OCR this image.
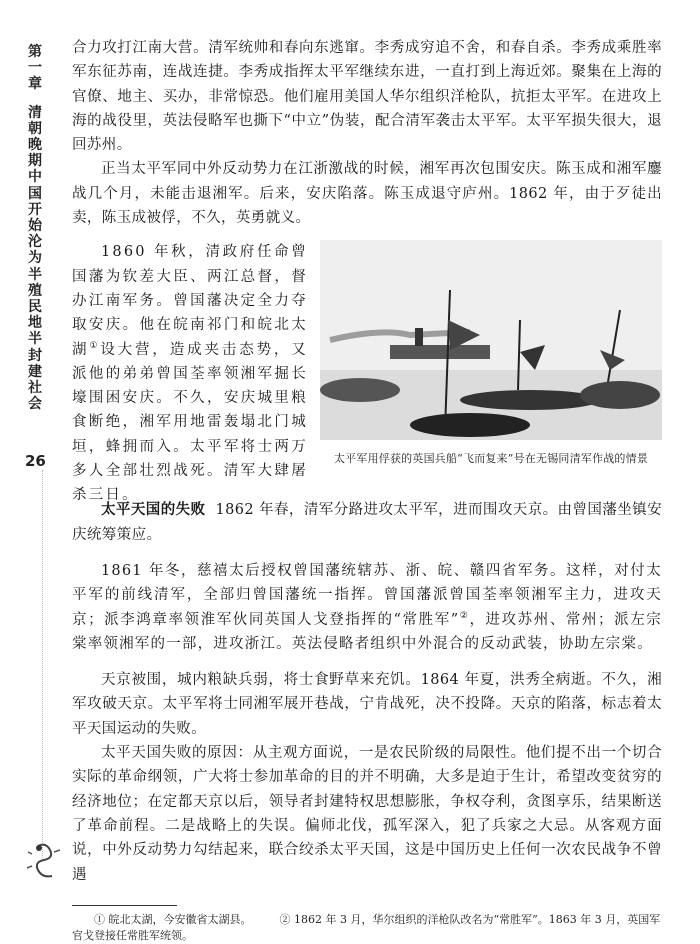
第
一
章
清
朝
晚
期
中
国
开
始
沦
为
半
殖
民
地
半
封
建
社
会
26

合力攻打江南大营。清军统帅和春向东逃窜。李秀成穷追不舍，和春自杀。李秀成乘胜率军东征苏南，连战连捷。李秀成指挥太平军继续东进，一直打到上海近郊。聚集在上海的官僚、地主、买办，非常惊恐。他们雇用美国人华尔组织洋枪队，抗拒太平军。在进攻上海的战役里，英法侵略军也撕下“中立”伪装，配合清军袭击太平军。太平军损失很大，退回苏州。

正当太平军同中外反动势力在江浙激战的时候，湘军再次包围安庆。陈玉成和湘军鏖战几个月，未能击退湘军。后来，安庆陷落。陈玉成退守庐州。1862 年，由于歹徒出卖，陈玉成被俘，不久，英勇就义。

1860 年秋，清政府任命曾国藩为钦差大臣、两江总督，督办江南军务。曾国藩决定全力夺取安庆。他在皖南祁门和皖北太湖①设大营，造成夹击态势，又派他的弟弟曾国荃率领湘军掘长壕围困安庆。不久，安庆城里粮食断绝，湘军用地雷轰塌北门城垣，蜂拥而入。太平军将士两万多人全部壮烈战死。清军大肆屠杀三日。

太平军用俘获的英国兵船“飞而复来”号在无锡同清军作战的情景

太平天国的失败 1862 年春，清军分路进攻太平军，进而围攻天京。由曾国藩坐镇安庆统筹策应。

1861 年冬，慈禧太后授权曾国藩统辖苏、浙、皖、赣四省军务。这样，对付太平军的前线清军，全部归曾国藩统一指挥。曾国藩派曾国荃率领湘军主力，进攻天京；派李鸿章率领淮军伙同英国人戈登指挥的“常胜军”②，进攻苏州、常州；派左宗棠率领湘军的一部，进攻浙江。英法侵略者组织中外混合的反动武装，协助左宗棠。

天京被围，城内粮缺兵弱，将士食野草来充饥。1864 年夏，洪秀全病逝。不久，湘军攻破天京。太平军将士同湘军展开巷战，宁肯战死，决不投降。天京的陷落，标志着太平天国运动的失败。

太平天国失败的原因：从主观方面说，一是农民阶级的局限性。他们提不出一个切合实际的革命纲领，广大将士参加革命的目的并不明确，大多是迫于生计，希望改变贫穷的经济地位；在定都天京以后，领导者封建特权思想膨胀，争权夺利，贪图享乐，结果断送了革命前程。二是战略上的失误。偏师北伐，孤军深入，犯了兵家之大忌。从客观方面说，中外反动势力勾结起来，联合绞杀太平天国，这是中国历史上任何一次农民战争不曾遇

① 皖北太湖，今安徽省太湖县。	② 1862 年 3 月，华尔组织的洋枪队改名为“常胜军”。1863 年 3 月，英国军官戈登接任常胜军统领。
